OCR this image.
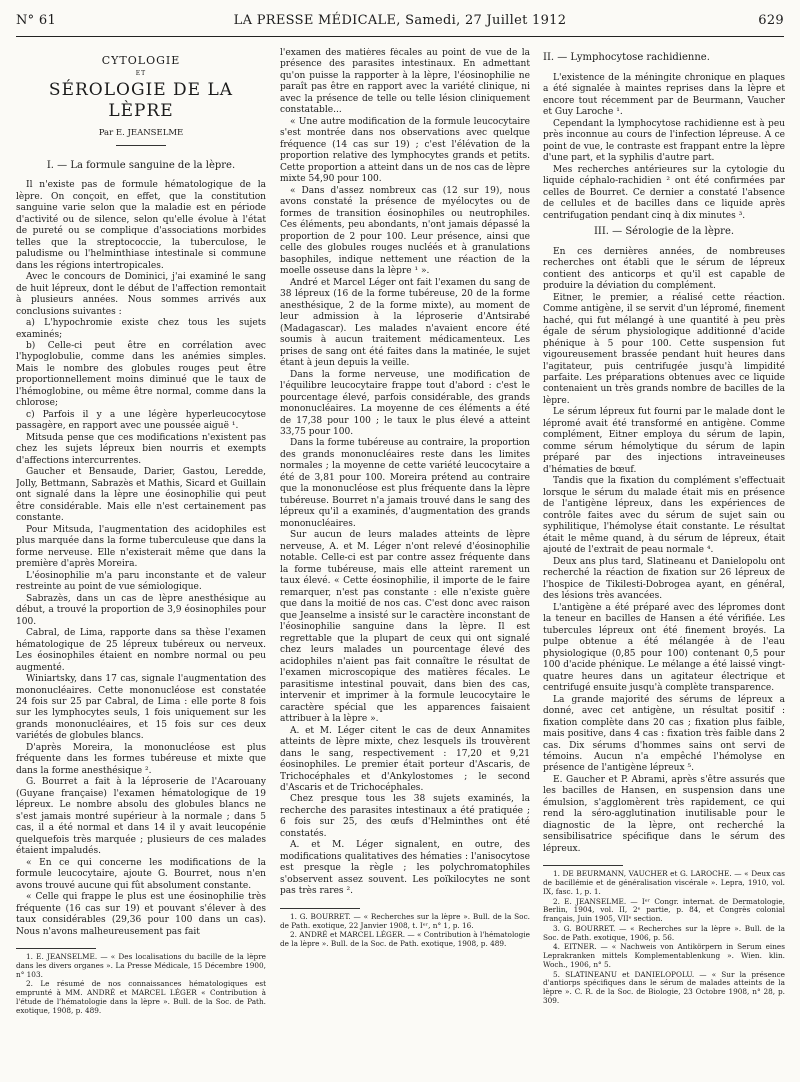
N° 61	LA PRESSE MÉDICALE, Samedi, 27 Juillet 1912	629
CYTOLOGIE
ET
SÉROLOGIE DE LA LÈPRE
Par E. JEANSELME

I. — La formule sanguine de la lèpre.

Il n'existe pas de formule hématologique de la lèpre. On conçoit, en effet, que la constitution sanguine varie selon que la maladie est en période d'activité ou de silence, selon qu'elle évolue à l'état de pureté ou se complique d'associations morbides telles que la streptococcie, la tuberculose, le paludisme ou l'helminthiase intestinale si commune dans les régions intertropicales.

Avec le concours de Dominici, j'ai examiné le sang de huit lépreux, dont le début de l'affection remontait à plusieurs années. Nous sommes arrivés aux conclusions suivantes :

a) L'hypochromie existe chez tous les sujets examinés;

b) Celle-ci peut être en corrélation avec l'hypoglobulie, comme dans les anémies simples. Mais le nombre des globules rouges peut être proportionnellement moins diminué que le taux de l'hémoglobine, ou même être normal, comme dans la chlorose;

c) Parfois il y a une légère hyperleucocytose passagère, en rapport avec une poussée aiguë ¹.

Mitsuda pense que ces modifications n'existent pas chez les sujets lépreux bien nourris et exempts d'affections intercurrentes.

Gaucher et Bensaude, Darier, Gastou, Leredde, Jolly, Bettmann, Sabrazès et Mathis, Sicard et Guillain ont signalé dans la lèpre une éosinophilie qui peut être considérable. Mais elle n'est certainement pas constante.

Pour Mitsuda, l'augmentation des acidophiles est plus marquée dans la forme tuberculeuse que dans la forme nerveuse. Elle n'existerait même que dans la première d'après Moreira.

L'éosinophilie m'a paru inconstante et de valeur restreinte au point de vue sémiologique.

Sabrazès, dans un cas de lèpre anesthésique au début, a trouvé la proportion de 3,9 éosinophiles pour 100.

Cabral, de Lima, rapporte dans sa thèse l'examen hématologique de 25 lépreux tubéreux ou nerveux. Les éosinophiles étaient en nombre normal ou peu augmenté.

Winiartsky, dans 17 cas, signale l'augmentation des mononucléaires. Cette mononucléose est constatée 24 fois sur 25 par Cabral, de Lima : elle porte 8 fois sur les lymphocytes seuls, 1 fois uniquement sur les grands mononucléaires, et 15 fois sur ces deux variétés de globules blancs.

D'après Moreira, la mononucléose est plus fréquente dans les formes tubéreuse et mixte que dans la forme anesthésique ².

G. Bourret a fait à la léproserie de l'Acarouany (Guyane française) l'examen hématologique de 19 lépreux. Le nombre absolu des globules blancs ne s'est jamais montré supérieur à la normale ; dans 5 cas, il a été normal et dans 14 il y avait leucopénie quelquefois très marquée ; plusieurs de ces malades étaient impaludés.

« En ce qui concerne les modifications de la formule leucocytaire, ajoute G. Bourret, nous n'en avons trouvé aucune qui fût absolument constante.

« Celle qui frappe le plus est une éosinophilie très fréquente (16 cas sur 19) et pouvant s'élever à des taux considérables (29,36 pour 100 dans un cas). Nous n'avons malheureusement pas fait

1. E. JEANSELME. — « Des localisations du bacille de la lèpre dans les divers organes ». La Presse Médicale, 15 Décembre 1900, n° 103.

2. Le résumé de nos connaissances hématologiques est emprunté à MM. ANDRÉ et MARCEL LÉGER « Contribution à l'étude de l'hématologie dans la lèpre ». Bull. de la Soc. de Path. exotique, 1908, p. 489.

l'examen des matières fécales au point de vue de la présence des parasites intestinaux. En admettant qu'on puisse la rapporter à la lèpre, l'éosinophilie ne paraît pas être en rapport avec la variété clinique, ni avec la présence de telle ou telle lésion cliniquement constatable...

« Une autre modification de la formule leucocytaire s'est montrée dans nos observations avec quelque fréquence (14 cas sur 19) ; c'est l'élévation de la proportion relative des lymphocytes grands et petits. Cette proportion a atteint dans un de nos cas de lèpre mixte 54,90 pour 100.

« Dans d'assez nombreux cas (12 sur 19), nous avons constaté la présence de myélocytes ou de formes de transition éosinophiles ou neutrophiles. Ces éléments, peu abondants, n'ont jamais dépassé la proportion de 2 pour 100. Leur présence, ainsi que celle des globules rouges nucléés et à granulations basophiles, indique nettement une réaction de la moelle osseuse dans la lèpre ¹ ».

André et Marcel Léger ont fait l'examen du sang de 38 lépreux (16 de la forme tubéreuse, 20 de la forme anesthésique, 2 de la forme mixte), au moment de leur admission à la léproserie d'Antsirabé (Madagascar). Les malades n'avaient encore été soumis à aucun traitement médicamenteux. Les prises de sang ont été faites dans la matinée, le sujet étant à jeun depuis la veille.

Dans la forme nerveuse, une modification de l'équilibre leucocytaire frappe tout d'abord : c'est le pourcentage élevé, parfois considérable, des grands mononucléaires. La moyenne de ces éléments a été de 17,38 pour 100 ; le taux le plus élevé a atteint 33,75 pour 100.

Dans la forme tubéreuse au contraire, la proportion des grands mononucléaires reste dans les limites normales ; la moyenne de cette variété leucocytaire a été de 3,81 pour 100. Moreira prétend au contraire que la mononucléose est plus fréquente dans la lèpre tubéreuse. Bourret n'a jamais trouvé dans le sang des lépreux qu'il a examinés, d'augmentation des grands mononucléaires.

Sur aucun de leurs malades atteints de lèpre nerveuse, A. et M. Léger n'ont relevé d'éosinophilie notable. Celle-ci est par contre assez fréquente dans la forme tubéreuse, mais elle atteint rarement un taux élevé. « Cette éosinophilie, il importe de le faire remarquer, n'est pas constante : elle n'existe guère que dans la moitié de nos cas. C'est donc avec raison que Jeanselme a insisté sur le caractère inconstant de l'éosinophilie sanguine dans la lèpre. Il est regrettable que la plupart de ceux qui ont signalé chez leurs malades un pourcentage élevé des acidophiles n'aient pas fait connaître le résultat de l'examen microscopique des matières fécales. Le parasitisme intestinal pouvait, dans bien des cas, intervenir et imprimer à la formule leucocytaire le caractère spécial que les apparences faisaient attribuer à la lèpre ».

A. et M. Léger citent le cas de deux Annamites atteints de lèpre mixte, chez lesquels ils trouvèrent dans le sang, respectivement : 17,20 et 9,21 éosinophiles. Le premier était porteur d'Ascaris, de Trichocéphales et d'Ankylostomes ; le second d'Ascaris et de Trichocéphales.

Chez presque tous les 38 sujets examinés, la recherche des parasites intestinaux a été pratiquée ; 6 fois sur 25, des œufs d'Helminthes ont été constatés.

A. et M. Léger signalent, en outre, des modifications qualitatives des hématies : l'anisocytose est presque la règle ; les polychromatophiles s'observent assez souvent. Les poïkilocytes ne sont pas très rares ².

1. G. BOURRET. — « Recherches sur la lèpre ». Bull. de la Soc. de Path. exotique, 22 Janvier 1908, t. Iᵉʳ, n° 1, p. 16.

2. ANDRÉ et MARCEL LÉGER. — « Contribution à l'hématologie de la lèpre ». Bull. de la Soc. de Path. exotique, 1908, p. 489.

II. — Lymphocytose rachidienne.

L'existence de la méningite chronique en plaques a été signalée à maintes reprises dans la lèpre et encore tout récemment par de Beurmann, Vaucher et Guy Laroche ¹.

Cependant la lymphocytose rachidienne est à peu près inconnue au cours de l'infection lépreuse. A ce point de vue, le contraste est frappant entre la lèpre d'une part, et la syphilis d'autre part.

Mes recherches antérieures sur la cytologie du liquide céphalo-rachidien ² ont été confirmées par celles de Bourret. Ce dernier a constaté l'absence de cellules et de bacilles dans ce liquide après centrifugation pendant cinq à dix minutes ³.

III. — Sérologie de la lèpre.

En ces dernières années, de nombreuses recherches ont établi que le sérum de lépreux contient des anticorps et qu'il est capable de produire la déviation du complément.

Eitner, le premier, a réalisé cette réaction. Comme antigène, il se servit d'un lépromé, finement haché, qui fut mélangé à une quantité à peu près égale de sérum physiologique additionné d'acide phénique à 5 pour 100. Cette suspension fut vigoureusement brassée pendant huit heures dans l'agitateur, puis centrifugée jusqu'à limpidité parfaite. Les préparations obtenues avec ce liquide contenaient un très grands nombre de bacilles de la lèpre.

Le sérum lépreux fut fourni par le malade dont le lépromé avait été transformé en antigène. Comme complément, Eitner employa du sérum de lapin, comme sérum hémolytique du sérum de lapin préparé par des injections intraveineuses d'hématies de bœuf.

Tandis que la fixation du complément s'effectuait lorsque le sérum du malade était mis en présence de l'antigène lépreux, dans les expériences de contrôle faites avec du sérum de sujet sain ou syphilitique, l'hémolyse était constante. Le résultat était le même quand, à du sérum de lépreux, était ajouté de l'extrait de peau normale ⁴.

Deux ans plus tard, Slatineanu et Danielopolu ont recherché la réaction de fixation sur 26 lépreux de l'hospice de Tikilesti-Dobrogea ayant, en général, des lésions très avancées.

L'antigène a été préparé avec des lépromes dont la teneur en bacilles de Hansen a été vérifiée. Les tubercules lépreux ont été finement broyés. La pulpe obtenue a été mélangée à de l'eau physiologique (0,85 pour 100) contenant 0,5 pour 100 d'acide phénique. Le mélange a été laissé vingt-quatre heures dans un agitateur électrique et centrifugé ensuite jusqu'à complète transparence.

La grande majorité des sérums de lépreux a donné, avec cet antigène, un résultat positif : fixation complète dans 20 cas ; fixation plus faible, mais positive, dans 4 cas : fixation très faible dans 2 cas. Dix sérums d'hommes sains ont servi de témoins. Aucun n'a empêché l'hémolyse en présence de l'antigène lépreux ⁵.

E. Gaucher et P. Abrami, après s'être assurés que les bacilles de Hansen, en suspension dans une émulsion, s'agglomèrent très rapidement, ce qui rend la séro-agglutination inutilisable pour le diagnostic de la lèpre, ont recherché la sensibilisatrice spécifique dans le sérum des lépreux.

1. DE BEURMANN, VAUCHER et G. LAROCHE. — « Deux cas de bacillémie et de généralisation viscérale ». Lepra, 1910, vol. IX, fasc. 1, p. 1.

2. E. JEANSELME. — Iᵉʳ Congr. internat. de Dermatologie, Berlin, 1904, vol. II, 2ᵉ partie, p. 84, et Congrès colonial français, Juin 1905, VIIᵉ section.

3. G. BOURRET. — « Recherches sur la lèpre ». Bull. de la Soc. de Path. exotique, 1906, p. 56.

4. EITNER. — « Nachweis von Antikörpern in Serum eines Leprakranken mittels Komplementablenkung ». Wien. klin. Woch., 1906, n° 5.

5. SLATINEANU et DANIELOPOLU. — « Sur la présence d'antiorps spécifiques dans le sérum de malades atteints de la lèpre ». C. R. de la Soc. de Biologie, 23 Octobre 1908, n° 28, p. 309.
